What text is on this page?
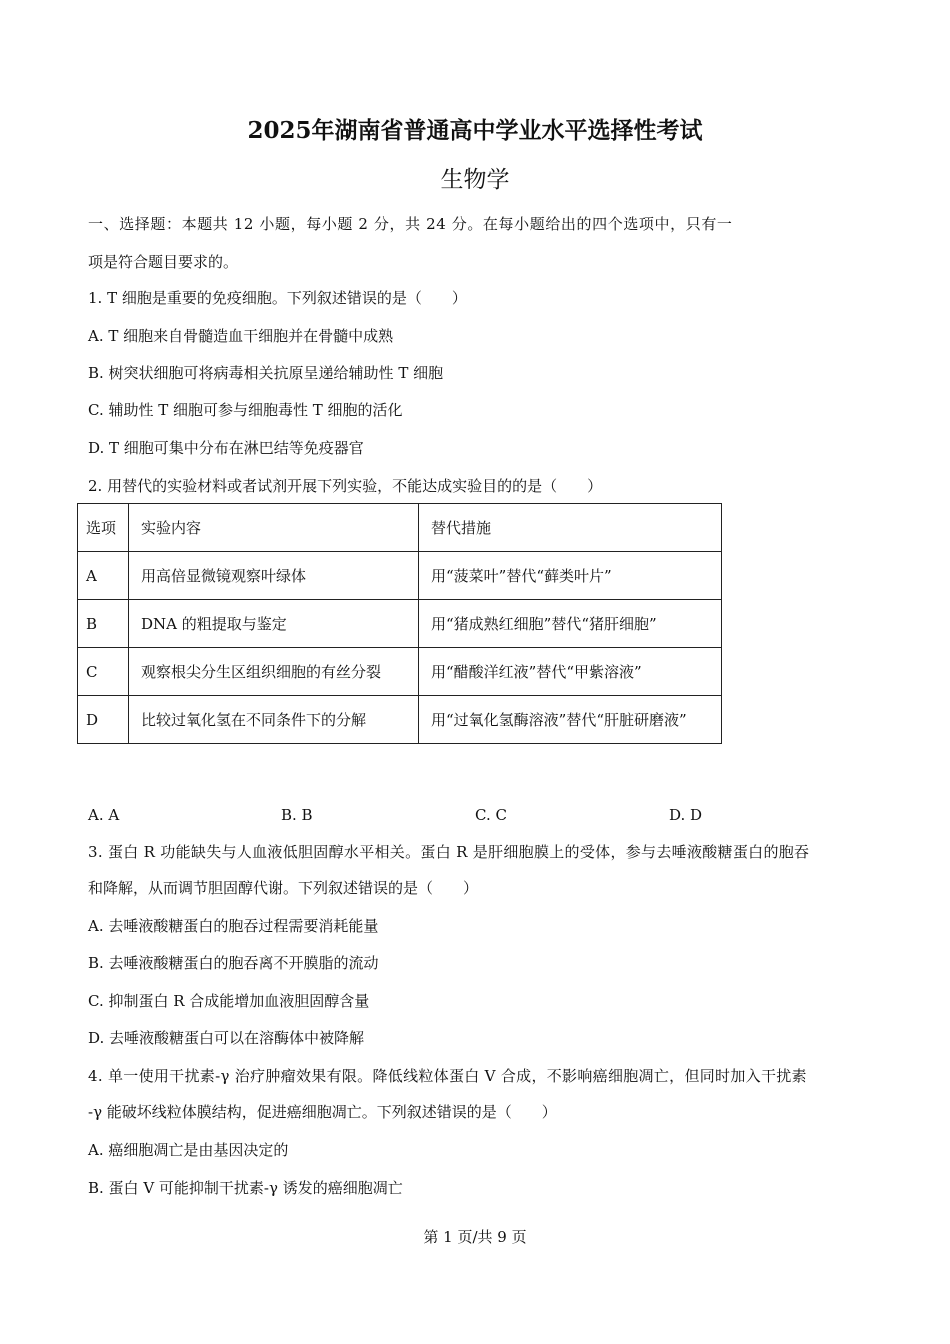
2025年湖南省普通高中学业水平选择性考试
生物学
一、选择题：本题共 12 小题，每小题 2 分，共 24 分。在每小题给出的四个选项中，只有一
项是符合题目要求的。
1. T 细胞是重要的免疫细胞。下列叙述错误的是（　　）
A. T 细胞来自骨髓造血干细胞并在骨髓中成熟
B. 树突状细胞可将病毒相关抗原呈递给辅助性 T 细胞
C. 辅助性 T 细胞可参与细胞毒性 T 细胞的活化
D. T 细胞可集中分布在淋巴结等免疫器官
2. 用替代的实验材料或者试剂开展下列实验，不能达成实验目的的是（　　）
选项	实验内容	替代措施
A	用高倍显微镜观察叶绿体	用“菠菜叶”替代“藓类叶片”
B	DNA 的粗提取与鉴定	用“猪成熟红细胞”替代“猪肝细胞”
C	观察根尖分生区组织细胞的有丝分裂	用“醋酸洋红液”替代“甲紫溶液”
D	比较过氧化氢在不同条件下的分解	用“过氧化氢酶溶液”替代“肝脏研磨液”
A. A	B. B	C. C	D. D
3. 蛋白 R 功能缺失与人血液低胆固醇水平相关。蛋白 R 是肝细胞膜上的受体，参与去唾液酸糖蛋白的胞吞
和降解，从而调节胆固醇代谢。下列叙述错误的是（　　）
A. 去唾液酸糖蛋白的胞吞过程需要消耗能量
B. 去唾液酸糖蛋白的胞吞离不开膜脂的流动
C. 抑制蛋白 R 合成能增加血液胆固醇含量
D. 去唾液酸糖蛋白可以在溶酶体中被降解
4. 单一使用干扰素-γ 治疗肿瘤效果有限。降低线粒体蛋白 V 合成，不影响癌细胞凋亡，但同时加入干扰素
-γ 能破坏线粒体膜结构，促进癌细胞凋亡。下列叙述错误的是（　　）
A. 癌细胞凋亡是由基因决定的
B. 蛋白 V 可能抑制干扰素-γ 诱发的癌细胞凋亡
第 1 页/共 9 页
